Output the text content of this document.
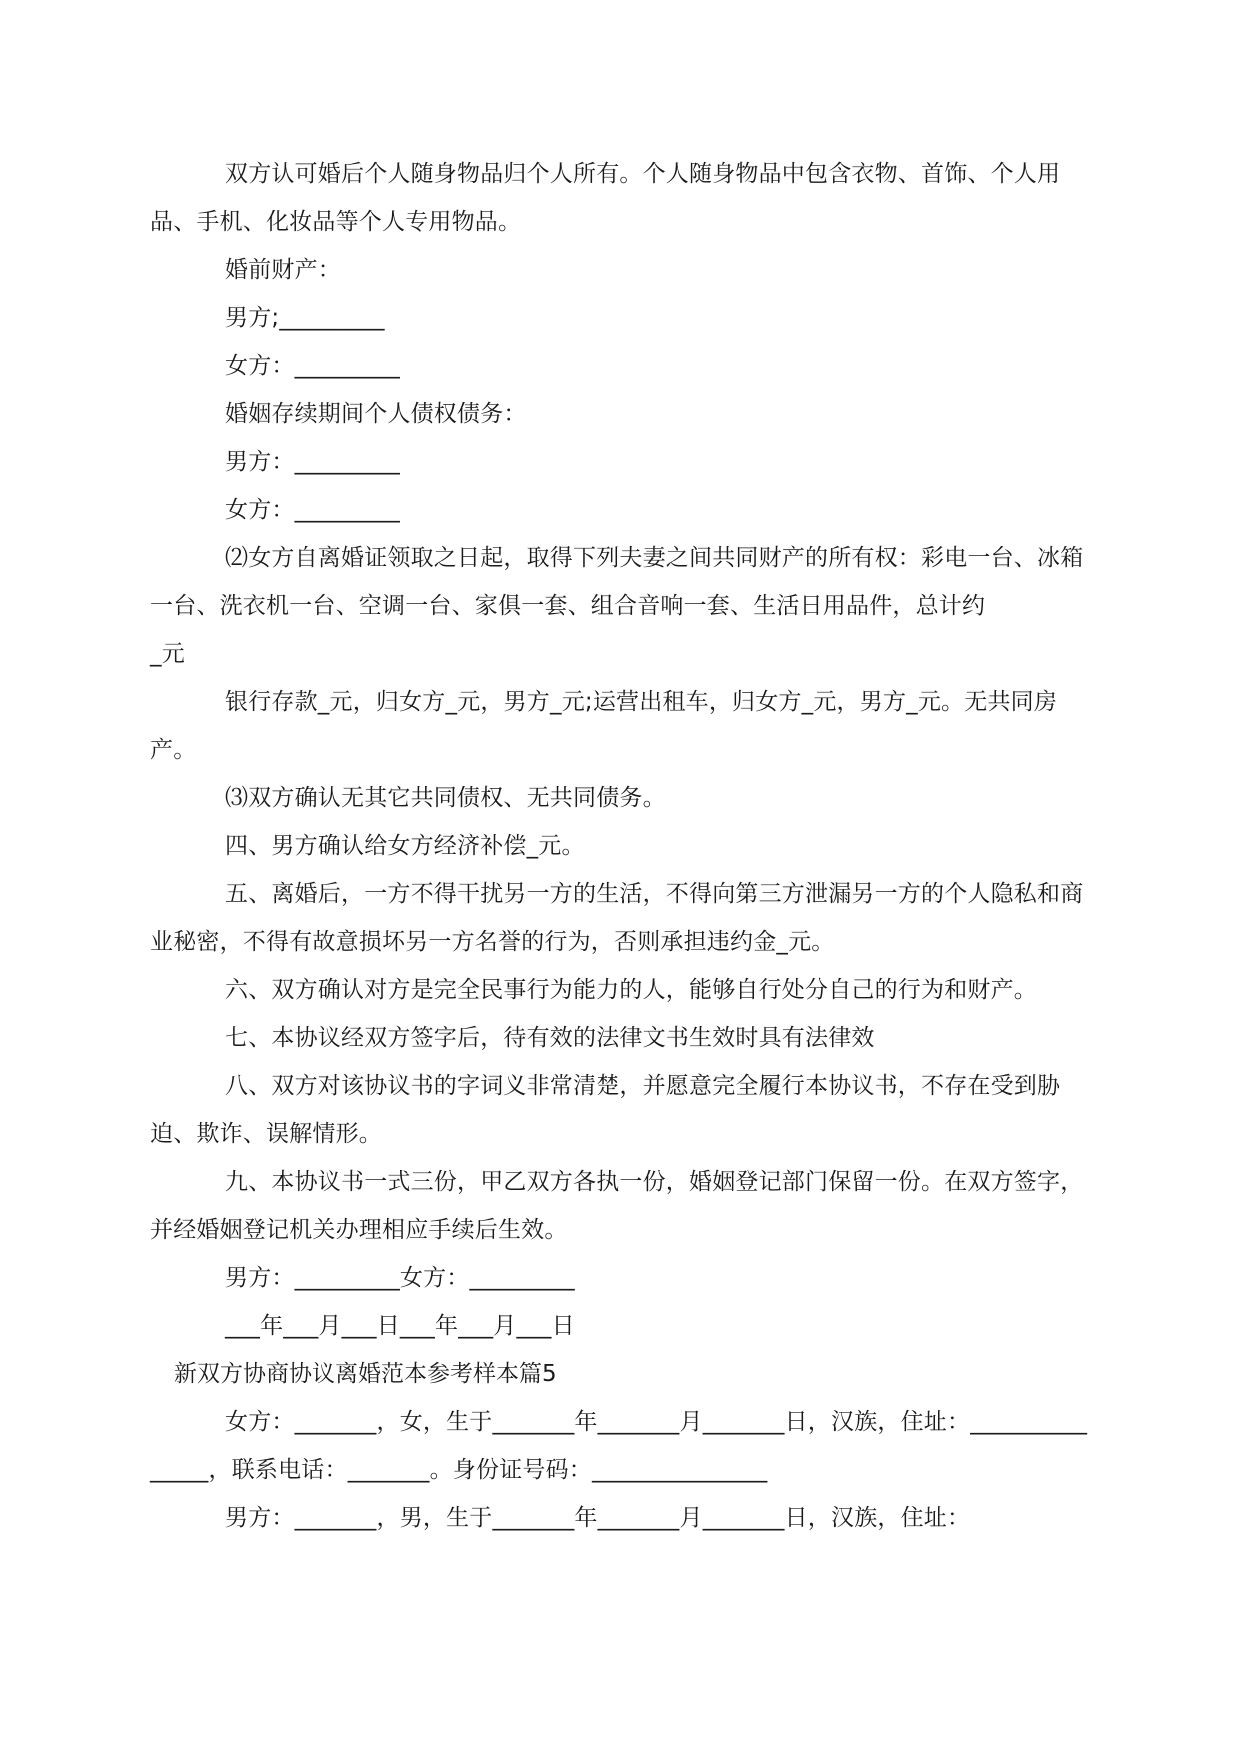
双方认可婚后个人随身物品归个人所有。个人随身物品中包含衣物、首饰、个人用品、手机、化妆品等个人专用物品。

婚前财产：

男方;_________

女方：_________

婚姻存续期间个人债权债务：

男方：_________

女方：_________

⑵女方自离婚证领取之日起，取得下列夫妻之间共同财产的所有权：彩电一台、冰箱一台、洗衣机一台、空调一台、家俱一套、组合音响一套、生活日用品件，总计约
_元

银行存款_元，归女方_元，男方_元;运营出租车，归女方_元，男方_元。无共同房产。

⑶双方确认无其它共同债权、无共同债务。

四、男方确认给女方经济补偿_元。

五、离婚后，一方不得干扰另一方的生活，不得向第三方泄漏另一方的个人隐私和商业秘密，不得有故意损坏另一方名誉的行为，否则承担违约金_元。

六、双方确认对方是完全民事行为能力的人，能够自行处分自己的行为和财产。

七、本协议经双方签字后，待有效的法律文书生效时具有法律效

八、双方对该协议书的字词义非常清楚，并愿意完全履行本协议书，不存在受到胁迫、欺诈、误解情形。

九、本协议书一式三份，甲乙双方各执一份，婚姻登记部门保留一份。在双方签字，并经婚姻登记机关办理相应手续后生效。

男方：_________女方：_________

___年___月___日___年___月___日

新双方协商协议离婚范本参考样本篇5

女方：_______，女，生于_______年_______月_______日，汉族，住址：_______________，联系电话：_______。身份证号码：_______________

男方：_______，男，生于_______年_______月_______日，汉族，住址：
